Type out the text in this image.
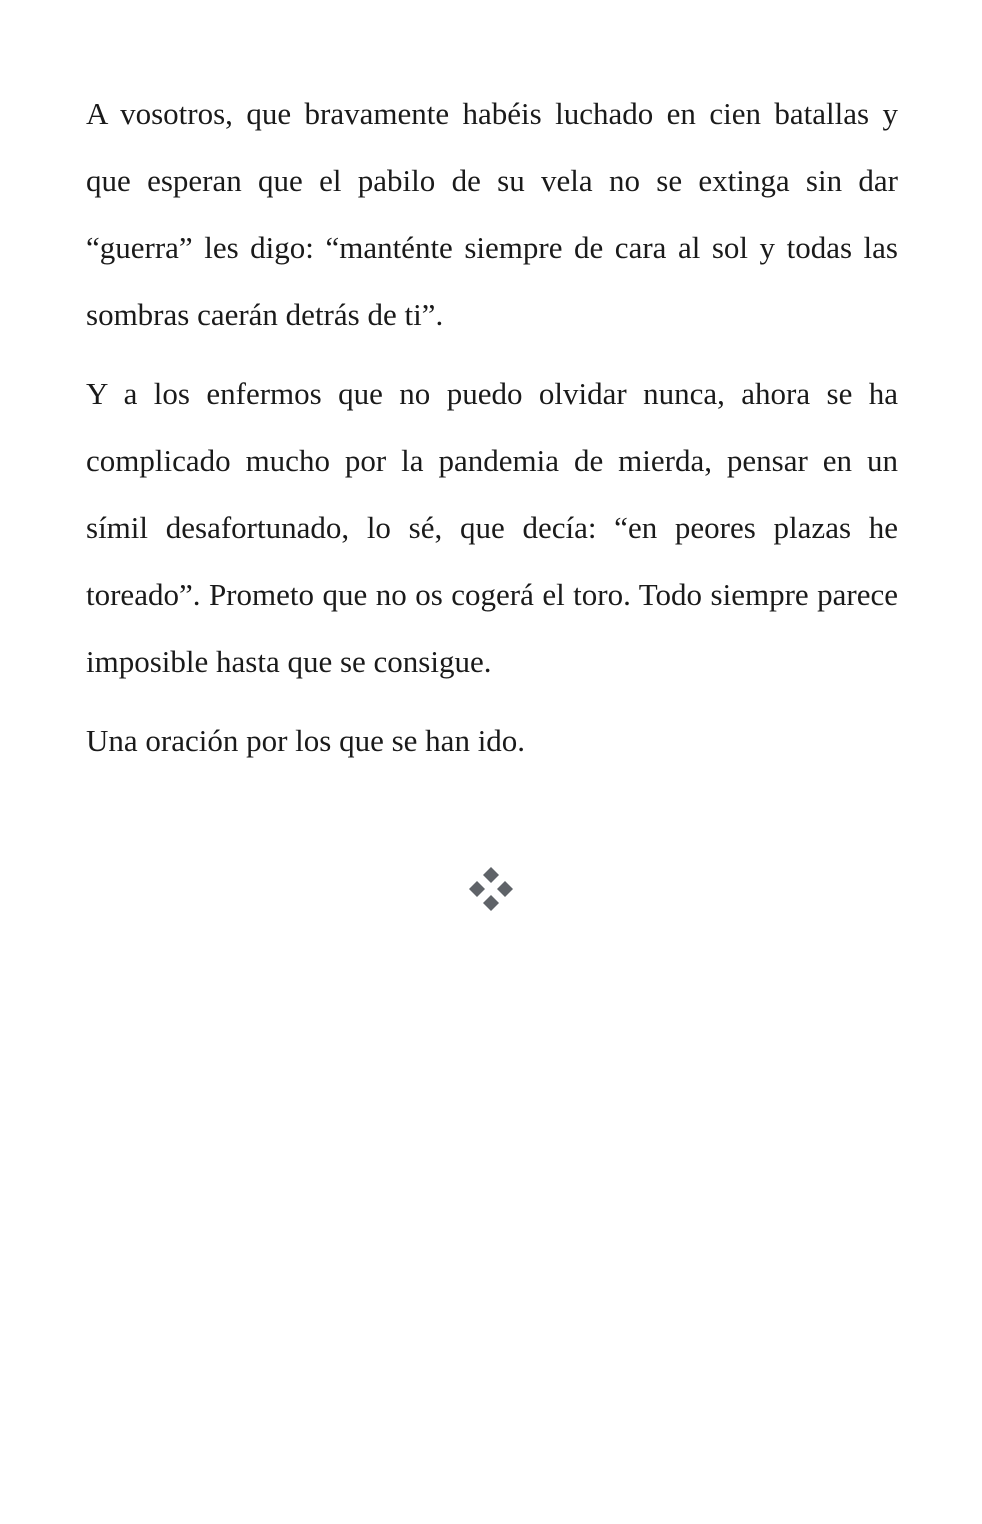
A vosotros, que bravamente habéis luchado en cien batallas y que esperan que el pabilo de su vela no se extinga sin dar “guerra” les digo: “manténte siempre de cara al sol y todas las sombras caerán detrás de ti”.

Y a los enfermos que no puedo olvidar nunca, ahora se ha complicado mucho por la pandemia de mierda, pensar en un símil desafortunado, lo sé, que decía: “en peores plazas he toreado”. Prometo que no os cogerá el toro. Todo siempre parece imposible hasta que se consigue.

Una oración por los que se han ido.
